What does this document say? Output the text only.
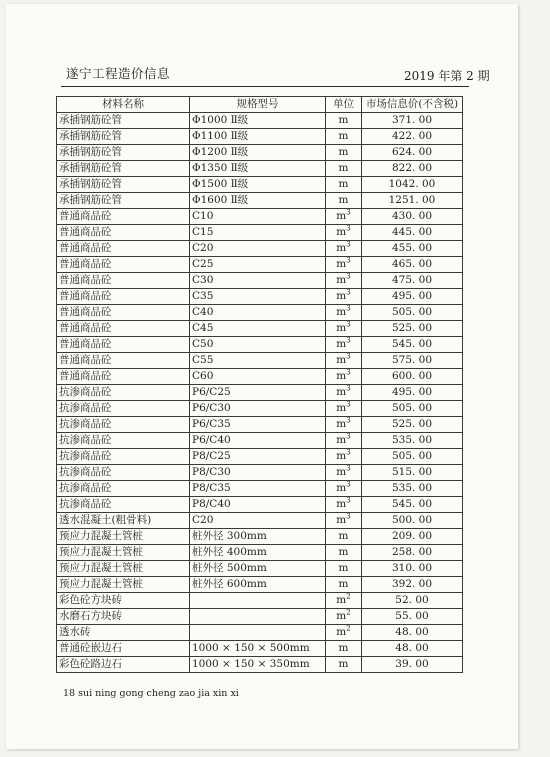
遂宁工程造价信息	2019 年第 2 期
材料名称	规格型号	单位	市场信息价(不含税)
承插钢筋砼管	Φ1000 Ⅱ级	m	371. 00
承插钢筋砼管	Φ1100 Ⅱ级	m	422. 00
承插钢筋砼管	Φ1200 Ⅱ级	m	624. 00
承插钢筋砼管	Φ1350 Ⅱ级	m	822. 00
承插钢筋砼管	Φ1500 Ⅱ级	m	1042. 00
承插钢筋砼管	Φ1600 Ⅱ级	m	1251. 00
普通商品砼	C10	$m^3$	430. 00
普通商品砼	C15	$m^3$	445. 00
普通商品砼	C20	$m^3$	455. 00
普通商品砼	C25	$m^3$	465. 00
普通商品砼	C30	$m^3$	475. 00
普通商品砼	C35	$m^3$	495. 00
普通商品砼	C40	$m^3$	505. 00
普通商品砼	C45	$m^3$	525. 00
普通商品砼	C50	$m^3$	545. 00
普通商品砼	C55	$m^3$	575. 00
普通商品砼	C60	$m^3$	600. 00
抗渗商品砼	P6/C25	$m^3$	495. 00
抗渗商品砼	P6/C30	$m^3$	505. 00
抗渗商品砼	P6/C35	$m^3$	525. 00
抗渗商品砼	P6/C40	$m^3$	535. 00
抗渗商品砼	P8/C25	$m^3$	505. 00
抗渗商品砼	P8/C30	$m^3$	515. 00
抗渗商品砼	P8/C35	$m^3$	535. 00
抗渗商品砼	P8/C40	$m^3$	545. 00
透水混凝土(粗骨料)	C20	$m^3$	500. 00
预应力混凝土管桩	桩外径 300mm	m	209. 00
预应力混凝土管桩	桩外径 400mm	m	258. 00
预应力混凝土管桩	桩外径 500mm	m	310. 00
预应力混凝土管桩	桩外径 600mm	m	392. 00
彩色砼方块砖		$m^2$	52. 00
水磨石方块砖		$m^2$	55. 00
透水砖		$m^2$	48. 00
普通砼嵌边石	1000 × 150 × 500mm	m	48. 00
彩色砼路边石	1000 × 150 × 350mm	m	39. 00
18 sui ning gong cheng zao jia xin xi
